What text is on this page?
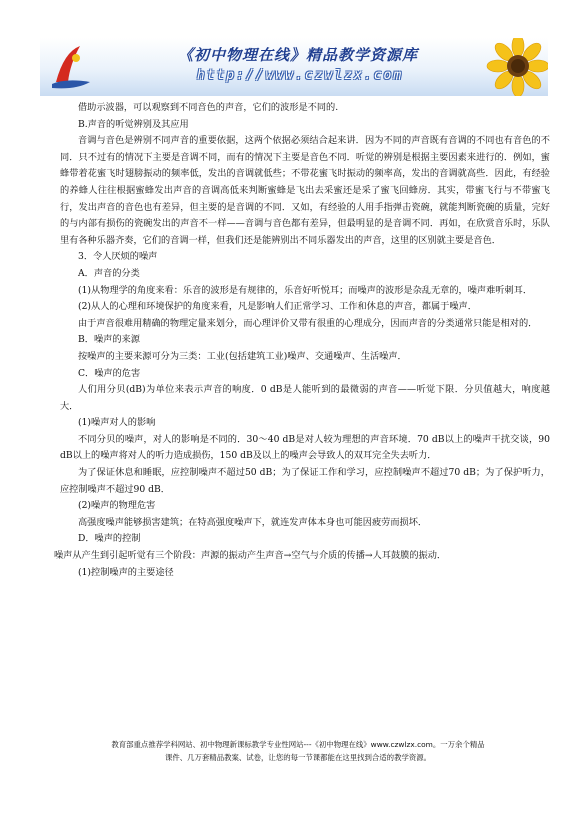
《初中物理在线》精品教学资源库
http://www.czwlzx.com

借助示波器，可以观察到不同音色的声音，它们的波形是不同的.

B.声音的听觉辨别及其应用

音调与音色是辨别不同声音的重要依据，这两个依据必须结合起来讲．因为不同的声音既有音调的不同也有音色的不同．只不过有的情况下主要是音调不同，而有的情况下主要是音色不同．听觉的辨别是根据主要因素来进行的．例如，蜜蜂带着花蜜飞时翅膀振动的频率低，发出的音调就低些；不带花蜜飞时振动的频率高，发出的音调就高些．因此，有经验的养蜂人往往根据蜜蜂发出声音的音调高低来判断蜜蜂是飞出去采蜜还是采了蜜飞回蜂房．其实，带蜜飞行与不带蜜飞行，发出声音的音色也有差异，但主要的是音调的不同．又如，有经验的人用手指弹击瓷碗，就能判断瓷碗的质量，完好的与内部有损伤的瓷碗发出的声音不一样——音调与音色都有差异，但最明显的是音调不同．再如，在欣赏音乐时，乐队里有各种乐器齐奏，它们的音调一样，但我们还是能辨别出不同乐器发出的声音，这里的区别就主要是音色．

3．令人厌烦的噪声

A．声音的分类

(1)从物理学的角度来看：乐音的波形是有规律的，乐音好听悦耳；而噪声的波形是杂乱无章的，噪声难听刺耳．

(2)从人的心理和环境保护的角度来看，凡是影响人们正常学习、工作和休息的声音，都属于噪声．

由于声音很难用精确的物理定量来划分，而心理评价又带有很重的心理成分，因而声音的分类通常只能是相对的．

B．噪声的来源

按噪声的主要来源可分为三类：工业(包括建筑工业)噪声、交通噪声、生活噪声．

C．噪声的危害

人们用分贝(dB)为单位来表示声音的响度．0 dB是人能听到的最微弱的声音——听觉下限．分贝值越大，响度越大．

(1)噪声对人的影响

不同分贝的噪声，对人的影响是不同的．30～40 dB是对人较为理想的声音环境．70 dB以上的噪声干扰交谈，90 dB以上的噪声将对人的听力造成损伤，150 dB及以上的噪声会导致人的双耳完全失去听力．

为了保证休息和睡眠，应控制噪声不超过50 dB；为了保证工作和学习，应控制噪声不超过70 dB；为了保护听力，应控制噪声不超过90 dB．

(2)噪声的物理危害

高强度噪声能够损害建筑；在特高强度噪声下，就连发声体本身也可能因疲劳而损坏．

D．噪声的控制

噪声从产生到引起听觉有三个阶段：声源的振动产生声音→空气与介质的传播→人耳鼓膜的振动．

(1)控制噪声的主要途径

教育部重点推荐学科网站、初中物理新课标教学专业性网站---《初中物理在线》www.czwlzx.com。一万余个精品
课件、几万套精品教案、试卷，让您的每一节课都能在这里找到合适的教学资源。
